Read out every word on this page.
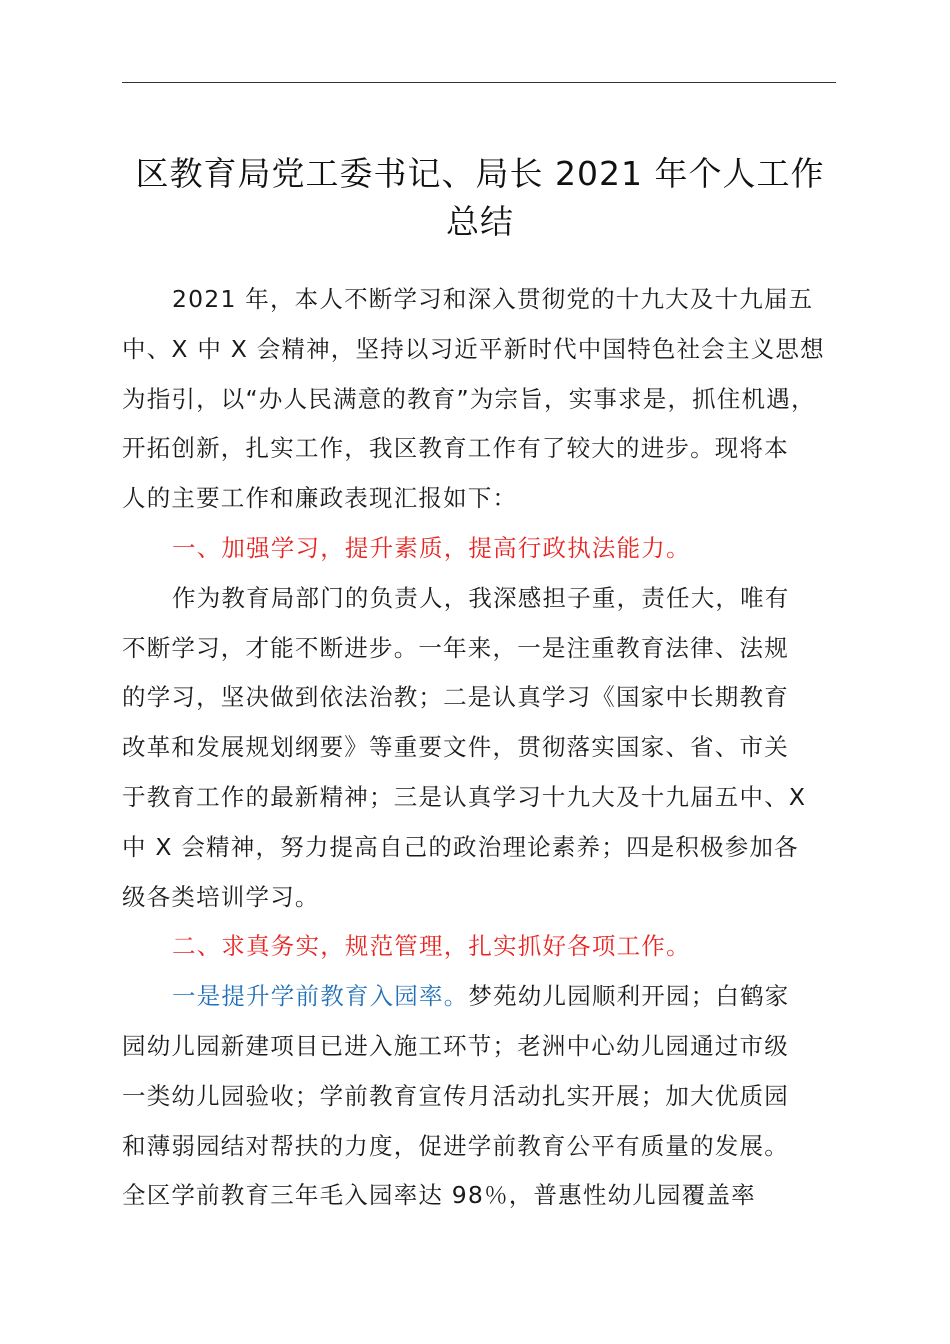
区教育局党工委书记、局长 2021 年个人工作
总结
2021 年，本人不断学习和深入贯彻党的十九大及十九届五
中、X 中 X 会精神，坚持以习近平新时代中国特色社会主义思想
为指引，以“办人民满意的教育”为宗旨，实事求是，抓住机遇，
开拓创新，扎实工作，我区教育工作有了较大的进步。现将本
人的主要工作和廉政表现汇报如下：
一、加强学习，提升素质，提高行政执法能力。
作为教育局部门的负责人，我深感担子重，责任大，唯有
不断学习，才能不断进步。一年来，一是注重教育法律、法规
的学习，坚决做到依法治教；二是认真学习《国家中长期教育
改革和发展规划纲要》等重要文件，贯彻落实国家、省、市关
于教育工作的最新精神；三是认真学习十九大及十九届五中、X
中 X 会精神，努力提高自己的政治理论素养；四是积极参加各
级各类培训学习。
二、求真务实，规范管理，扎实抓好各项工作。
一是提升学前教育入园率。梦苑幼儿园顺利开园；白鹤家
园幼儿园新建项目已进入施工环节；老洲中心幼儿园通过市级
一类幼儿园验收；学前教育宣传月活动扎实开展；加大优质园
和薄弱园结对帮扶的力度，促进学前教育公平有质量的发展。
全区学前教育三年毛入园率达 98％，普惠性幼儿园覆盖率
